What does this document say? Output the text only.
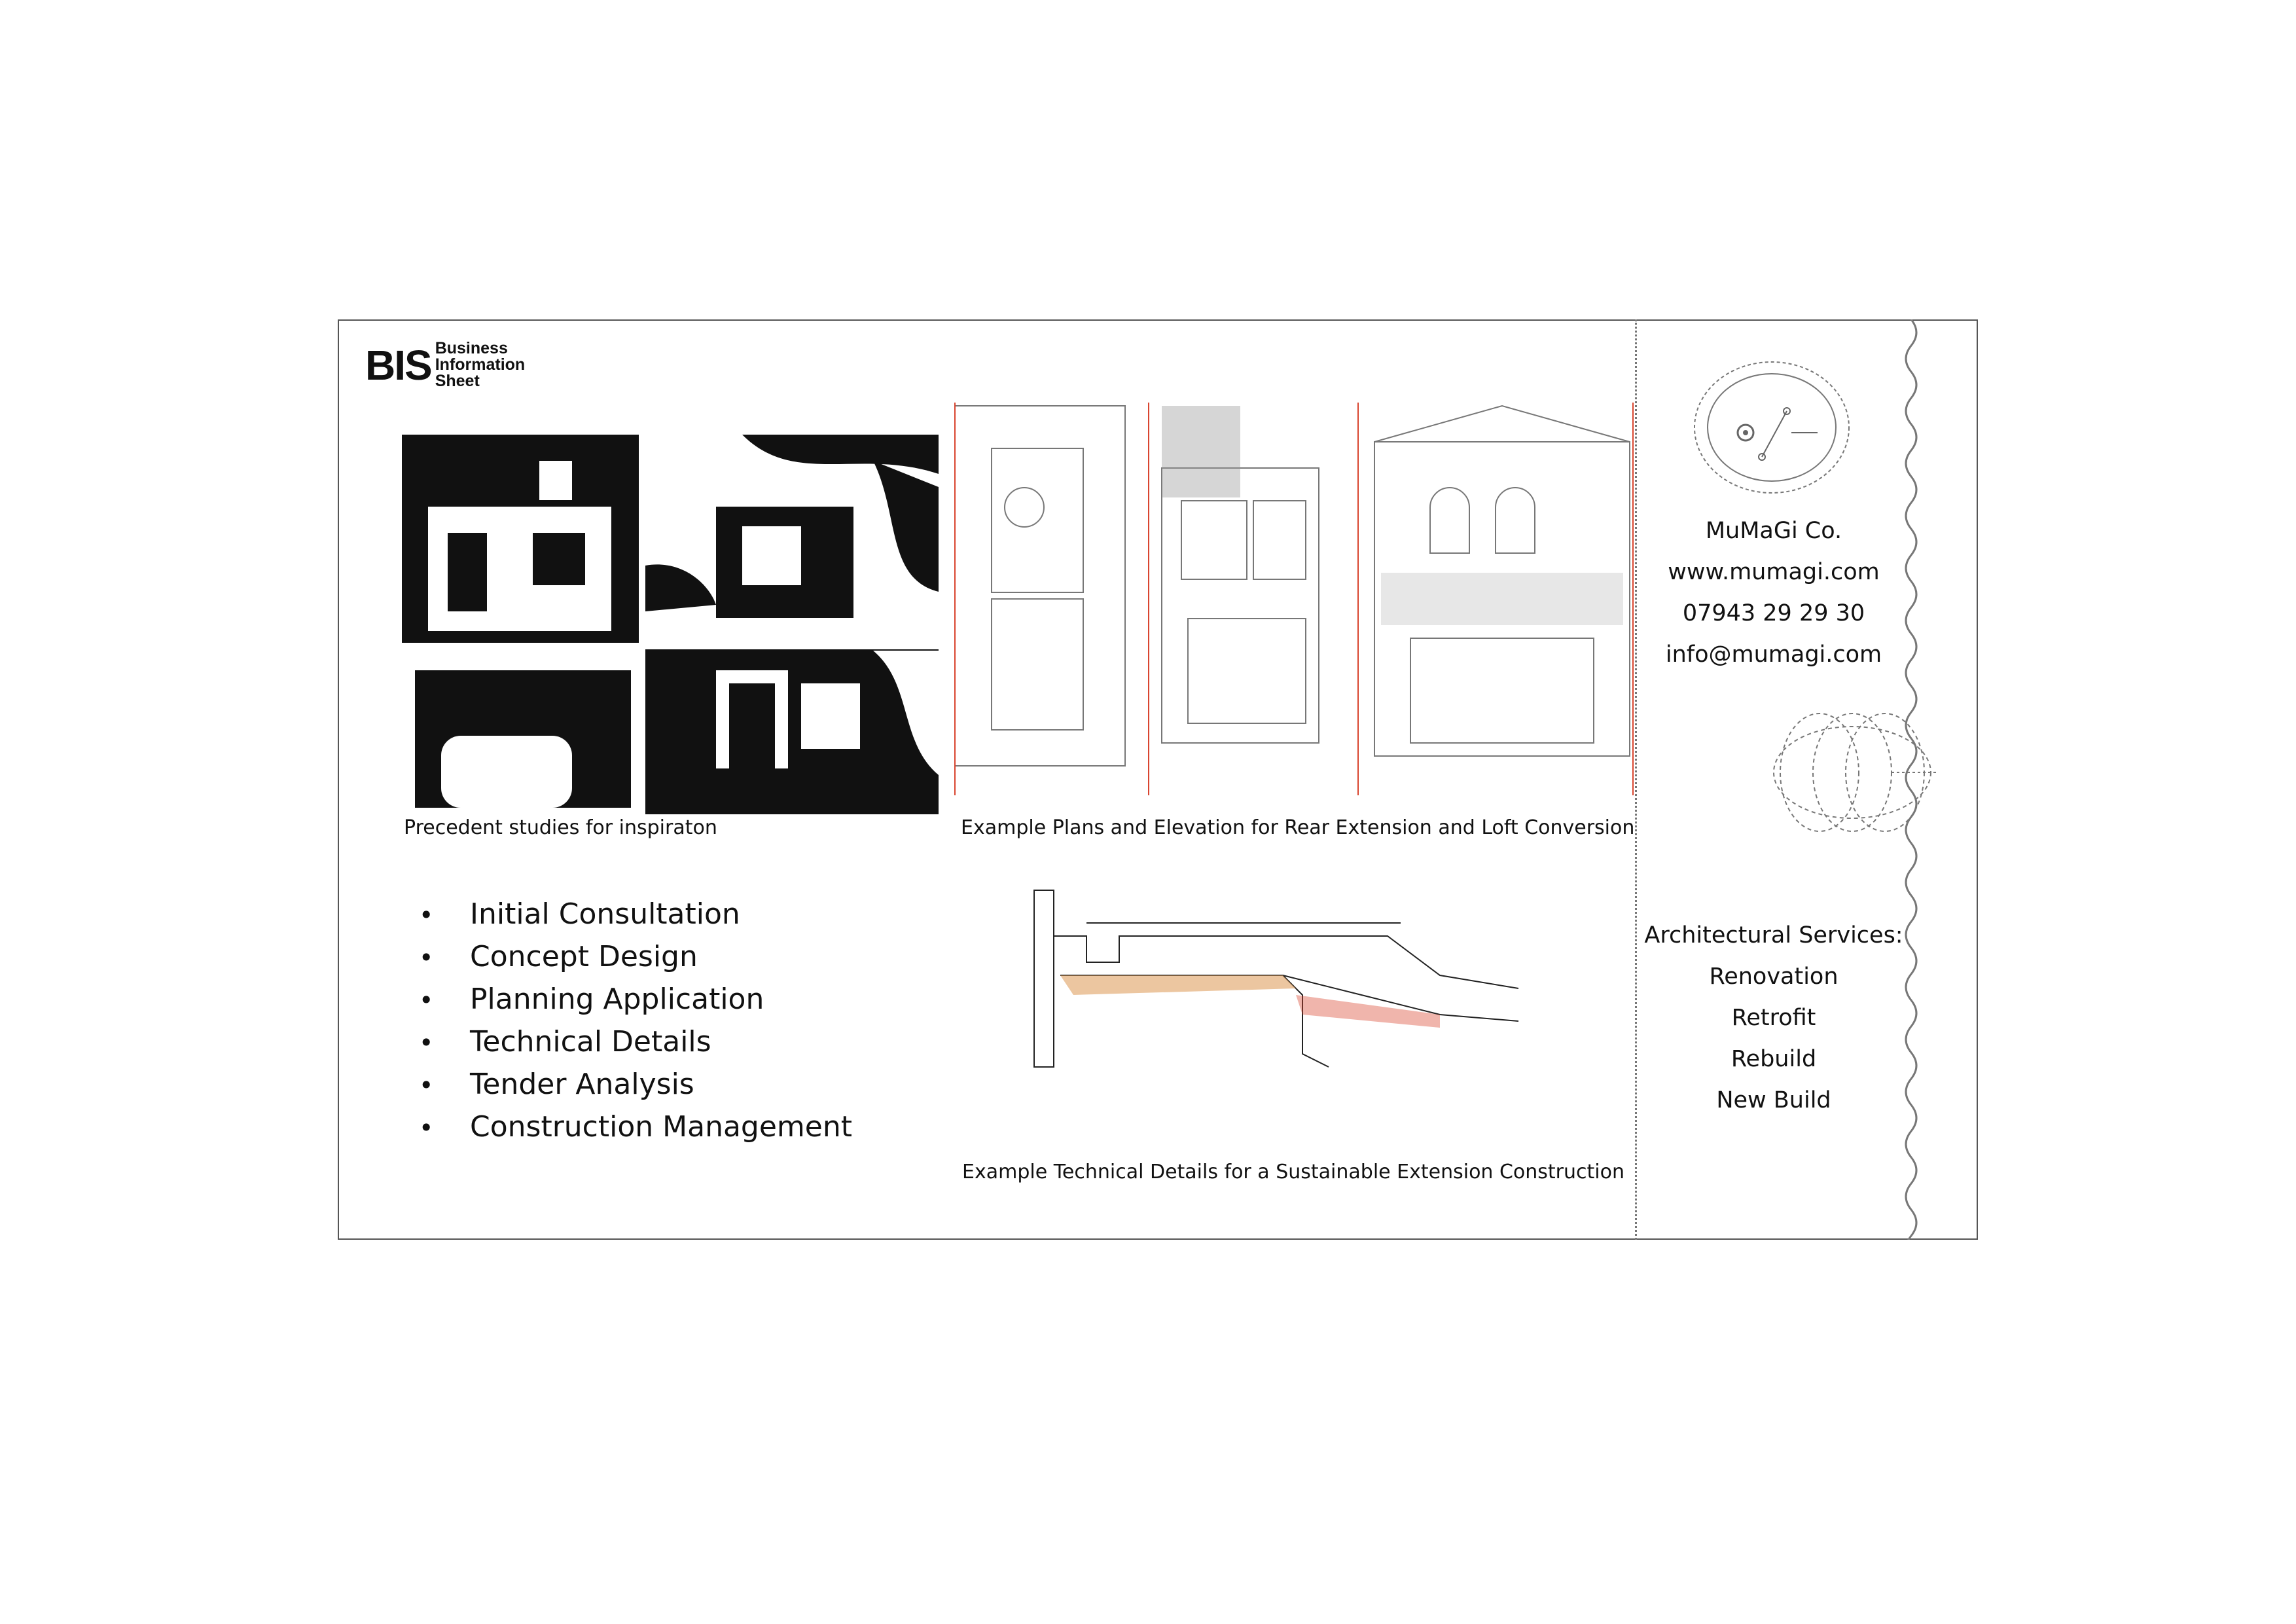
BIS Business
Information
Sheet
Precedent studies for inspiraton	Example Plans and Elevation for Rear Extension and Loft Conversion
• Initial Consultation
• Concept Design
• Planning Application
• Technical Details
• Tender Analysis
• Construction Management
Example Technical Details for a Sustainable Extension Construction
MuMaGi Co.
www.mumagi.com
07943 29 29 30
info@mumagi.com
Architectural Services:
Renovation
Retrofit
Rebuild
New Build
